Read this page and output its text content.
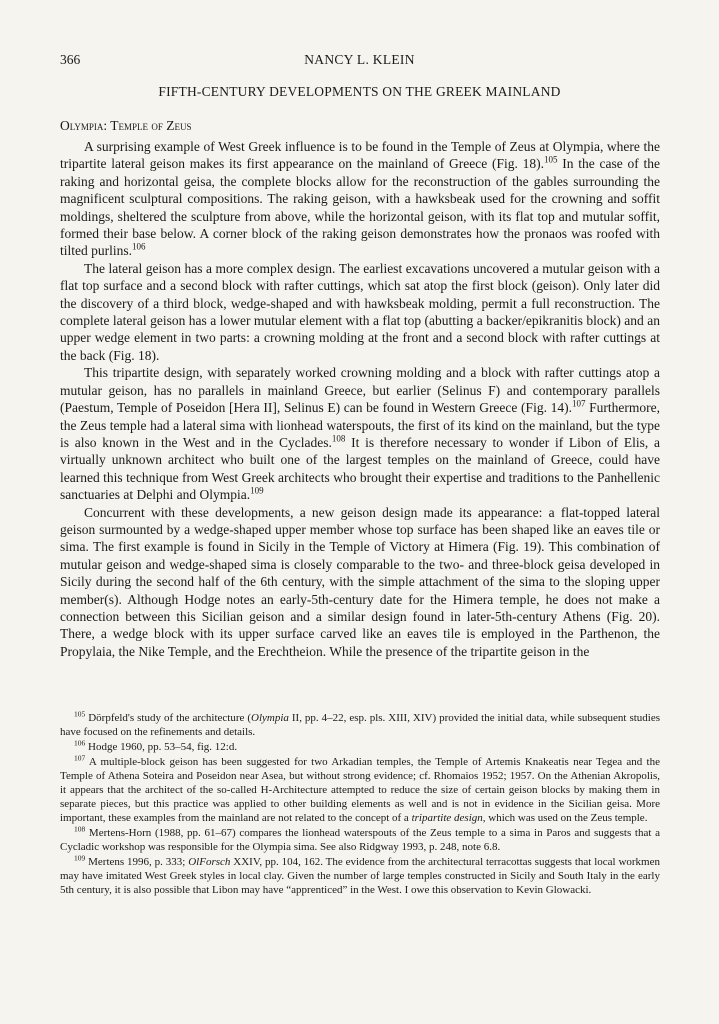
366	NANCY L. KLEIN
FIFTH-CENTURY DEVELOPMENTS ON THE GREEK MAINLAND
Olympia: Temple of Zeus

A surprising example of West Greek influence is to be found in the Temple of Zeus at Olympia, where the tripartite lateral geison makes its first appearance on the mainland of Greece (Fig. 18).$^{105}$ In the case of the raking and horizontal geisa, the complete blocks allow for the reconstruction of the gables surrounding the magnificent sculptural compositions. The raking geison, with a hawksbeak used for the crowning and soffit moldings, sheltered the sculpture from above, while the horizontal geison, with its flat top and mutular soffit, formed their base below. A corner block of the raking geison demonstrates how the pronaos was roofed with tilted purlins.$^{106}$

The lateral geison has a more complex design. The earliest excavations uncovered a mutular geison with a flat top surface and a second block with rafter cuttings, which sat atop the first block (geison). Only later did the discovery of a third block, wedge-shaped and with hawksbeak molding, permit a full reconstruction. The complete lateral geison has a lower mutular element with a flat top (abutting a backer/epikranitis block) and an upper wedge element in two parts: a crowning molding at the front and a second block with rafter cuttings at the back (Fig. 18).

This tripartite design, with separately worked crowning molding and a block with rafter cuttings atop a mutular geison, has no parallels in mainland Greece, but earlier (Selinus F) and contemporary parallels (Paestum, Temple of Poseidon [Hera II], Selinus E) can be found in Western Greece (Fig. 14).$^{107}$ Furthermore, the Zeus temple had a lateral sima with lionhead waterspouts, the first of its kind on the mainland, but the type is also known in the West and in the Cyclades.$^{108}$ It is therefore necessary to wonder if Libon of Elis, a virtually unknown architect who built one of the largest temples on the mainland of Greece, could have learned this technique from West Greek architects who brought their expertise and traditions to the Panhellenic sanctuaries at Delphi and Olympia.$^{109}$

Concurrent with these developments, a new geison design made its appearance: a flat-topped lateral geison surmounted by a wedge-shaped upper member whose top surface has been shaped like an eaves tile or sima. The first example is found in Sicily in the Temple of Victory at Himera (Fig. 19). This combination of mutular geison and wedge-shaped sima is closely comparable to the two- and three-block geisa developed in Sicily during the second half of the 6th century, with the simple attachment of the sima to the sloping upper member(s). Although Hodge notes an early-5th-century date for the Himera temple, he does not make a connection between this Sicilian geison and a similar design found in later-5th-century Athens (Fig. 20). There, a wedge block with its upper surface carved like an eaves tile is employed in the Parthenon, the Propylaia, the Nike Temple, and the Erechtheion. While the presence of the tripartite geison in the

$^{105}$ Dörpfeld's study of the architecture (Olympia II, pp. 4–22, esp. pls. XIII, XIV) provided the initial data, while subsequent studies have focused on the refinements and details.

$^{106}$ Hodge 1960, pp. 53–54, fig. 12:d.

$^{107}$ A multiple-block geison has been suggested for two Arkadian temples, the Temple of Artemis Knakeatis near Tegea and the Temple of Athena Soteira and Poseidon near Asea, but without strong evidence; cf. Rhomaios 1952; 1957. On the Athenian Akropolis, it appears that the architect of the so-called H-Architecture attempted to reduce the size of certain geison blocks by making them in separate pieces, but this practice was applied to other building elements as well and is not in evidence in the Sicilian geisa. More important, these examples from the mainland are not related to the concept of a tripartite design, which was used on the Zeus temple.

$^{108}$ Mertens-Horn (1988, pp. 61–67) compares the lionhead waterspouts of the Zeus temple to a sima in Paros and suggests that a Cycladic workshop was responsible for the Olympia sima. See also Ridgway 1993, p. 248, note 6.8.

$^{109}$ Mertens 1996, p. 333; OlForsch XXIV, pp. 104, 162. The evidence from the architectural terracottas suggests that local workmen may have imitated West Greek styles in local clay. Given the number of large temples constructed in Sicily and South Italy in the early 5th century, it is also possible that Libon may have “apprenticed” in the West. I owe this observation to Kevin Glowacki.
